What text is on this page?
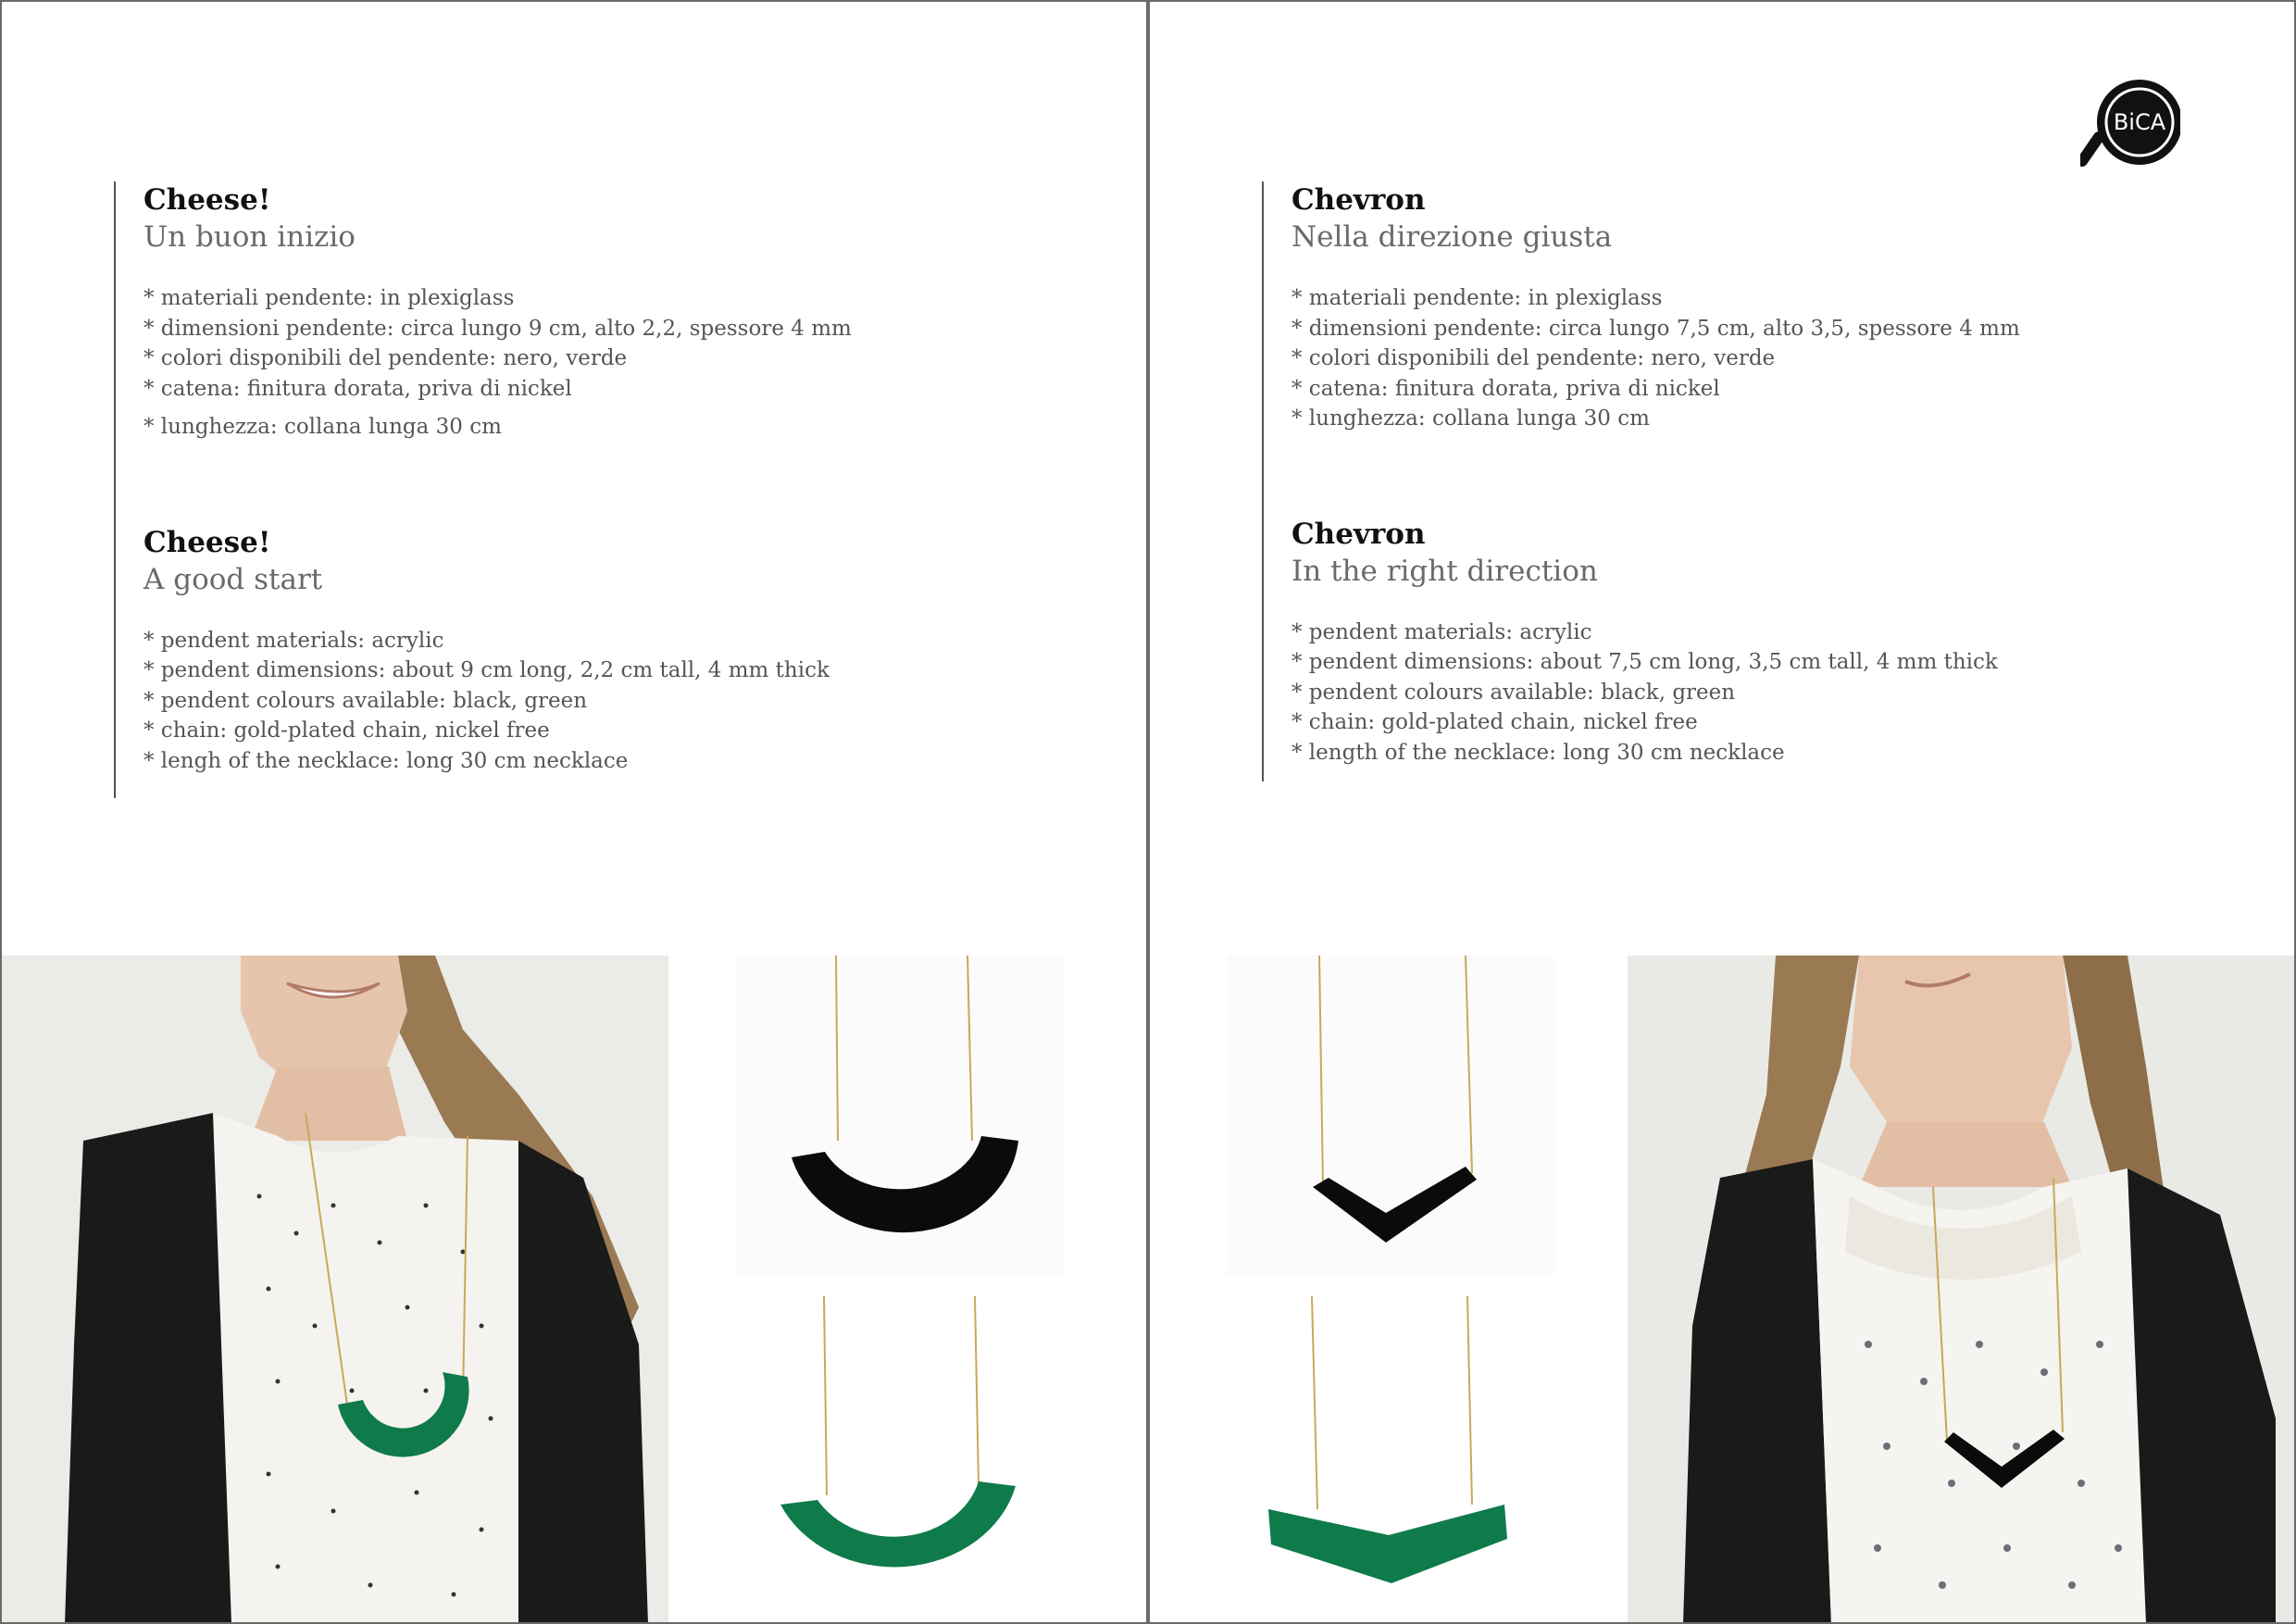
Cheese!

Un buon inizio

* materiali pendente: in plexiglass

* dimensioni pendente: circa lungo 9 cm, alto 2,2, spessore 4 mm

* colori disponibili del pendente: nero, verde

* catena: finitura dorata, priva di nickel

* lunghezza: collana lunga 30 cm

Cheese!

A good start

* pendent materials: acrylic

* pendent dimensions: about 9 cm long, 2,2 cm tall, 4 mm thick

* pendent colours available: black, green

* chain: gold-plated chain, nickel free

* lengh of the necklace: long 30 cm necklace

BiCA

Chevron

Nella direzione giusta

* materiali pendente: in plexiglass

* dimensioni pendente: circa lungo 7,5 cm, alto 3,5, spessore 4 mm

* colori disponibili del pendente: nero, verde

* catena: finitura dorata, priva di nickel

* lunghezza: collana lunga 30 cm

Chevron

In the right direction

* pendent materials: acrylic

* pendent dimensions: about 7,5 cm long, 3,5 cm tall, 4 mm thick

* pendent colours available: black, green

* chain: gold-plated chain, nickel free

* length of the necklace: long 30 cm necklace
